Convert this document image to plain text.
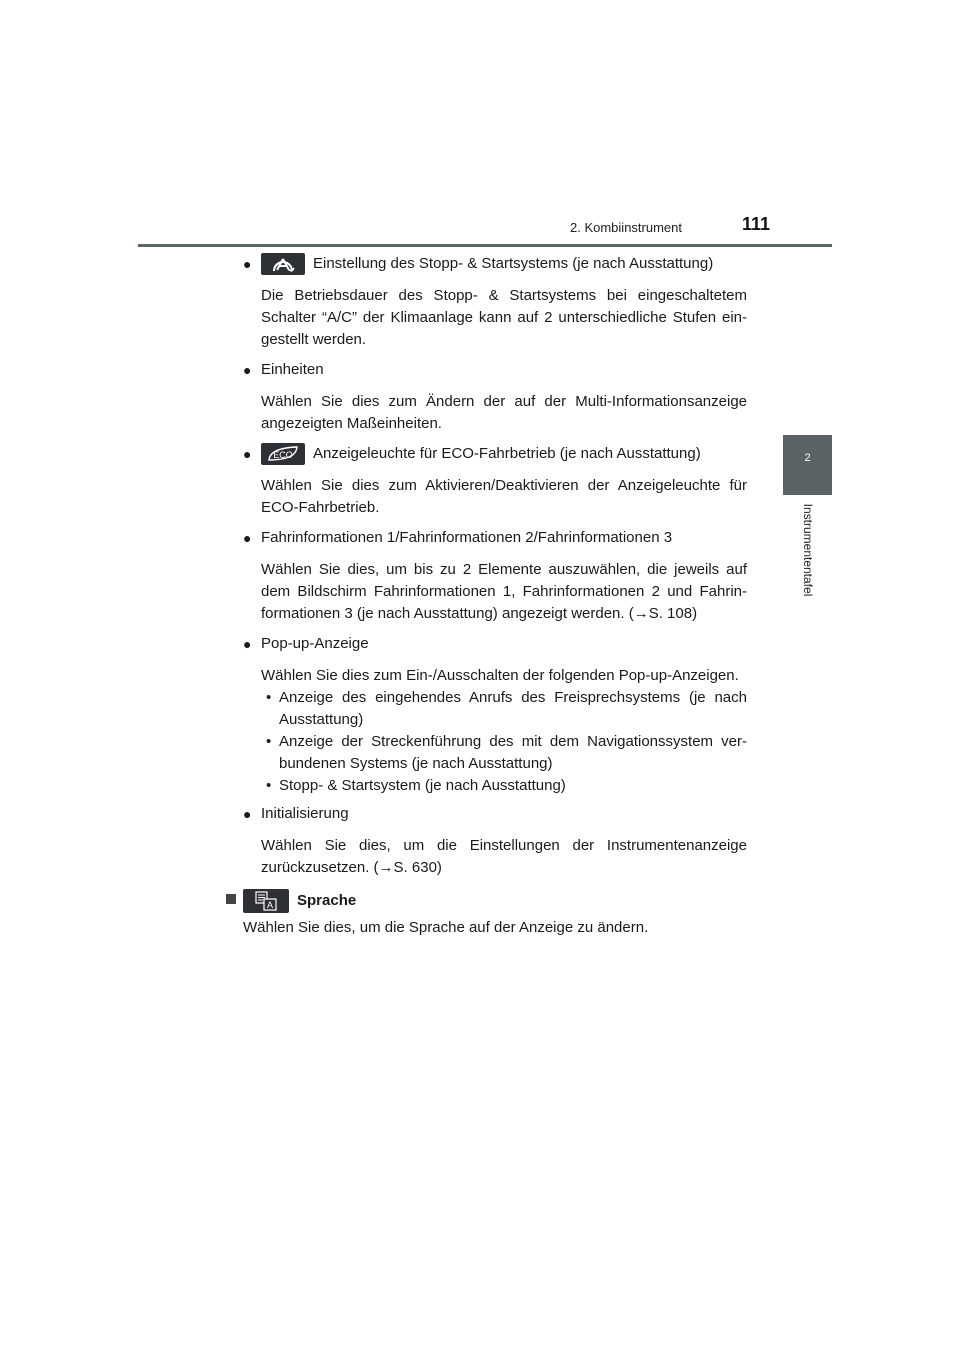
2. Kombiinstrument	111
2
Instrumententafel
●	Einstellung des Stopp- & Startsystems (je nach Ausstattung)
Die Betriebsdauer des Stopp- & Startsystems bei eingeschaltetem
Schalter “A/C” der Klimaanlage kann auf 2 unterschiedliche Stufen ein-
gestellt werden.
● Einheiten
Wählen Sie dies zum Ändern der auf der Multi-Informationsanzeige
angezeigten Maßeinheiten.
●	ECO Anzeigeleuchte für ECO-Fahrbetrieb (je nach Ausstattung)
Wählen Sie dies zum Aktivieren/Deaktivieren der Anzeigeleuchte für
ECO-Fahrbetrieb.
● Fahrinformationen 1/Fahrinformationen 2/Fahrinformationen 3
Wählen Sie dies, um bis zu 2 Elemente auszuwählen, die jeweils auf
dem Bildschirm Fahrinformationen 1, Fahrinformationen 2 und Fahrin-
formationen 3 (je nach Ausstattung) angezeigt werden. (→S. 108)
● Pop-up-Anzeige
Wählen Sie dies zum Ein-/Ausschalten der folgenden Pop-up-Anzeigen.
• Anzeige des eingehendes Anrufs des Freisprechsystems (je nach
Ausstattung)
• Anzeige der Streckenführung des mit dem Navigationssystem ver-
bundenen Systems (je nach Ausstattung)
• Stopp- & Startsystem (je nach Ausstattung)
● Initialisierung
Wählen Sie dies, um die Einstellungen der Instrumentenanzeige
zurückzusetzen. (→S. 630)
A Sprache
Wählen Sie dies, um die Sprache auf der Anzeige zu ändern.
